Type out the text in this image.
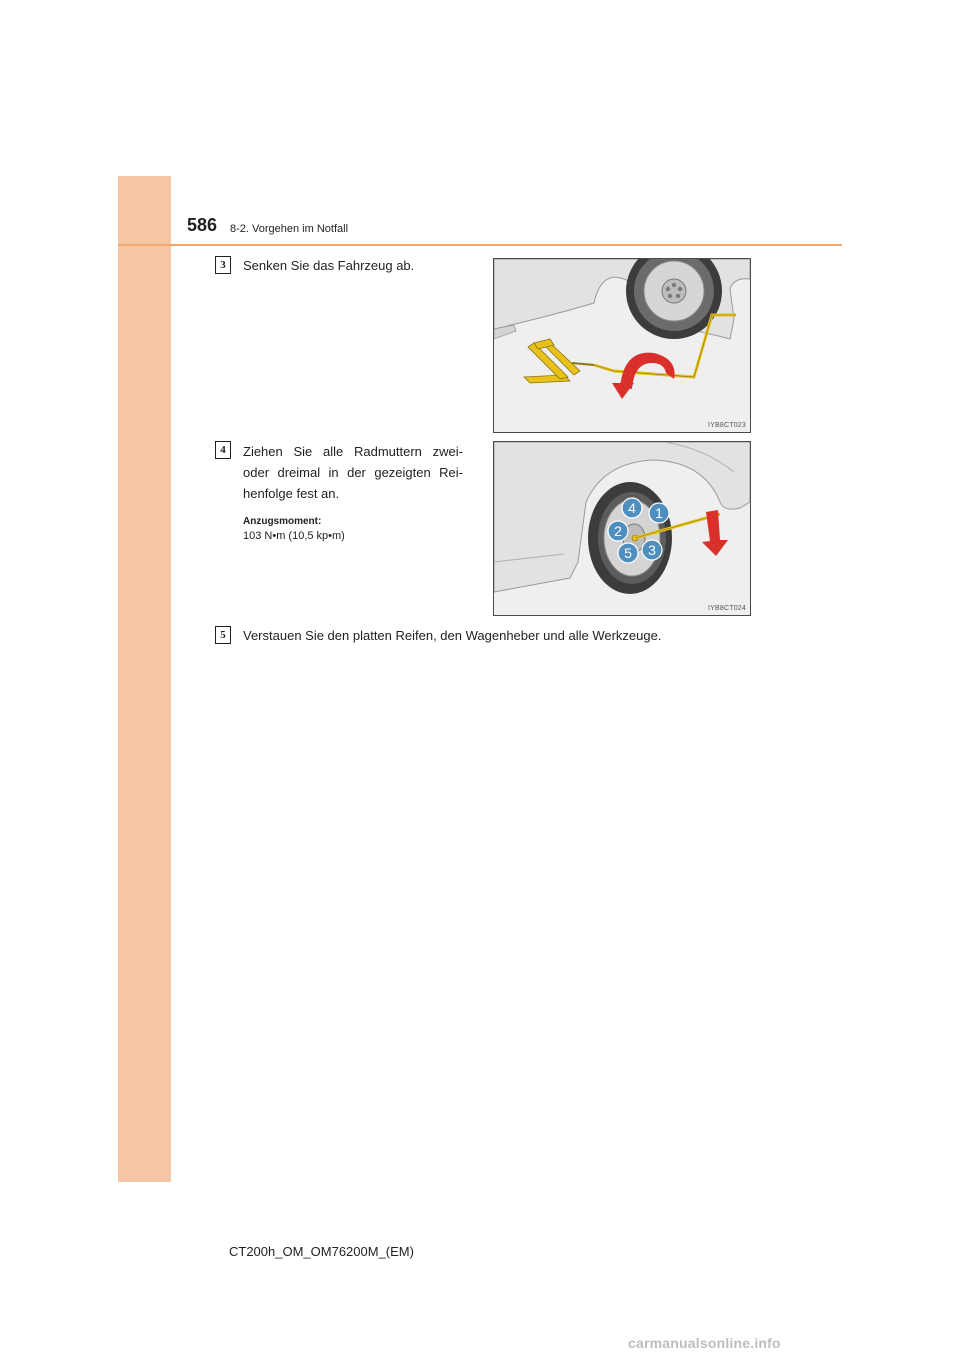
586 8-2. Vorgehen im Notfall
3	Senken Sie das Fahrzeug ab.
IYB8CT023
4	Ziehen Sie alle Radmuttern zwei-
oder dreimal in der gezeigten Rei-
henfolge fest an.
Anzugsmoment:
103 N•m (10,5 kp•m)
1
2
3
4
5
IYB8CT024
5	Verstauen Sie den platten Reifen, den Wagenheber und alle Werkzeuge.
CT200h_OM_OM76200M_(EM)
carmanualsonline.info
